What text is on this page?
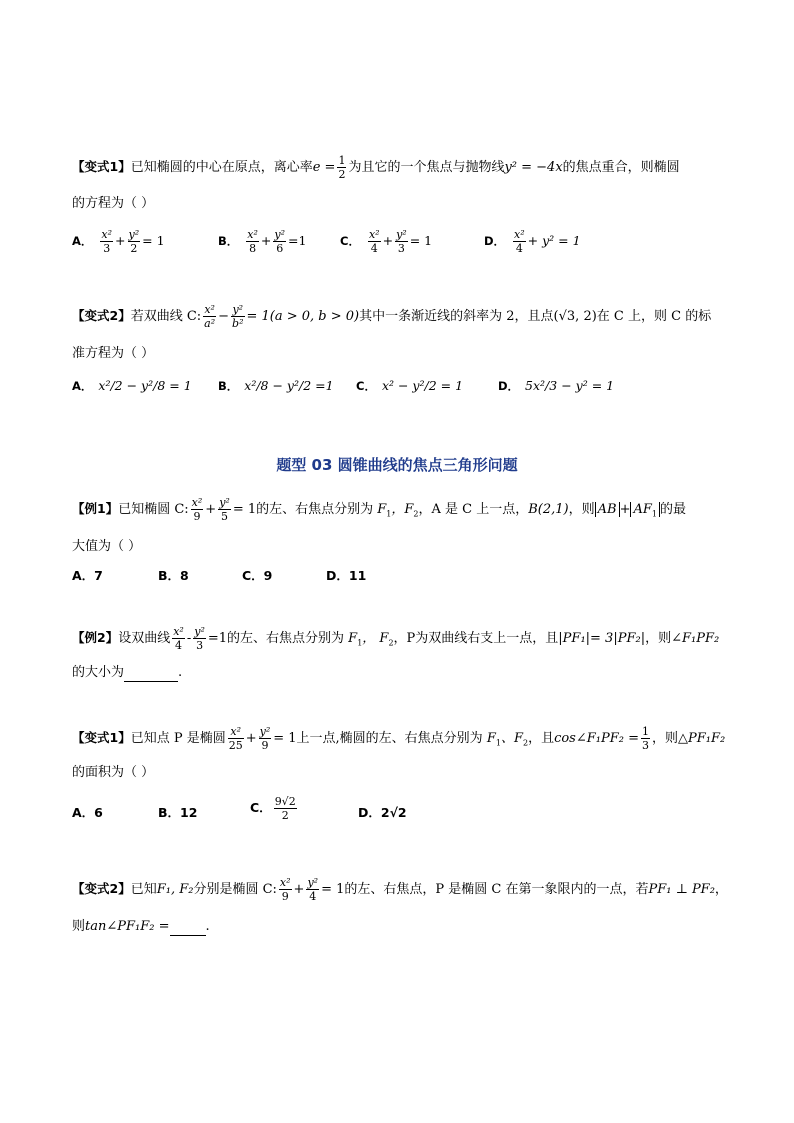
【变式1】已知椭圆的中心在原点，离心率$e = \frac{1}{2}$ 为且它的一个焦点与抛物线y² = −4x的焦点重合，则椭圆
的方程为（ ）
A． $\frac{\text{x²}}{3} + \frac{\text{y²}}{2} = 1$	B． $\frac{\text{x²}}{8} + \frac{\text{y²}}{6} =1$	C． $\frac{\text{x²}}{4} + \frac{\text{y²}}{3} = 1$	D． $\frac{\text{x²}}{4} + y^2 = 1$
【变式2】若双曲线 C: $\frac{\text{x²}}{\text{a²}} - \frac{\text{y²}}{\text{b²}} = 1(a > 0$, b > 0)其中一条渐近线的斜率为 2，且点(√3, 2)在 C 上，则 C 的标
准方程为（ ）
A． x²/2 − y²/8 = 1 B． x²/8 − y²/2 =1 C． x² − y²/2 = 1	D． 5x²/3 − y² = 1
题型 03 圆锥曲线的焦点三角形问题
【例1】已知椭圆 C: $\frac{\text{x²}}{9} + \frac{\text{y²}}{5} = 1$的左、右焦点分别为 $F_1$，$F_2$，A 是 C 上一点，B(2,1)，则 AB + $AF_1$ 的最
大值为（ ）
A．7	B．8	C．9	D．11
【例2】设双曲线 $\frac{\text{x²}}{4} - \frac{\text{y²}}{3} =1$的左、右焦点分别为 $F_1$， $F_2$，P为双曲线右支上一点，且|PF₁|= 3|PF₂|，则∠F₁PF₂
的大小为	.
【变式1】已知点 P 是椭圆 $\frac{\text{x²}}{25} + \frac{\text{y²}}{9} = 1$上一点,椭圆的左、右焦点分别为 $F_1$、$F_2$，且cos∠F₁PF₂ = $\frac{1}{3}$ ，则△PF₁F₂
的面积为（ ）
A．6	B．12	C． $\frac{9√2}{2}$	D．2√2
【变式2】已知F₁, F₂分别是椭圆 C: $\frac{\text{x²}}{9} + \frac{\text{y²}}{4} = 1$的左、右焦点，P 是椭圆 C 在第一象限内的一点，若PF₁ ⊥ PF₂，
则tan∠PF₁F₂ =	.
